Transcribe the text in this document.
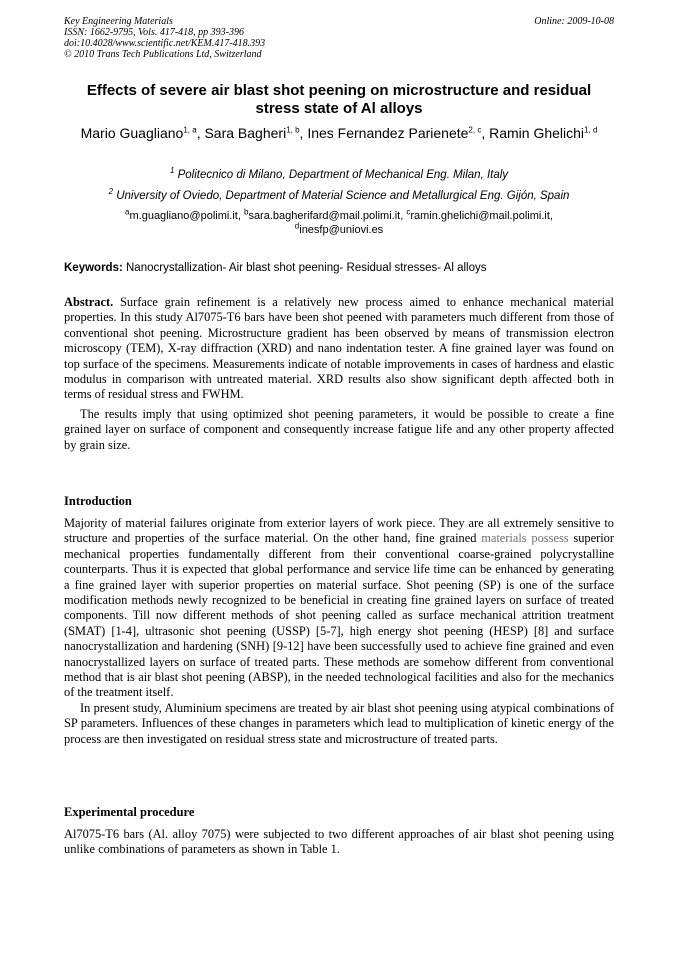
Key Engineering Materials
ISSN: 1662-9795, Vols. 417-418, pp 393-396
doi:10.4028/www.scientific.net/KEM.417-418.393
© 2010 Trans Tech Publications Ltd, Switzerland
Online: 2009-10-08
Effects of severe air blast shot peening on microstructure and residual stress state of Al alloys
Mario Guagliano$^{1, a}$, Sara Bagheri$^{1, b}$, Ines Fernandez Parienete$^{2, c}$, Ramin Ghelichi$^{1, d}$
$^1$ Politecnico di Milano, Department of Mechanical Eng. Milan, Italy
$^2$ University of Oviedo, Department of Material Science and Metallurgical Eng. Gijón, Spain
$^a$m.guagliano@polimi.it, $^b$sara.bagherifard@mail.polimi.it, $^c$ramin.ghelichi@mail.polimi.it,
$^d$inesfp@uniovi.es
Keywords: Nanocrystallization- Air blast shot peening- Residual stresses- Al alloys

Abstract. Surface grain refinement is a relatively new process aimed to enhance mechanical material properties. In this study Al7075-T6 bars have been shot peened with parameters much different from those of conventional shot peening. Microstructure gradient has been observed by means of transmission electron microscopy (TEM), X-ray diffraction (XRD) and nano indentation tester. A fine grained layer was found on top surface of the specimens. Measurements indicate of notable improvements in cases of hardness and elastic modulus in comparison with untreated material. XRD results also show significant depth affected both in terms of residual stress and FWHM.

The results imply that using optimized shot peening parameters, it would be possible to create a fine grained layer on surface of component and consequently increase fatigue life and any other property affected by grain size.

Introduction

Majority of material failures originate from exterior layers of work piece. They are all extremely sensitive to structure and properties of the surface material. On the other hand, fine grained materials possess superior mechanical properties fundamentally different from their conventional coarse-grained polycrystalline counterparts. Thus it is expected that global performance and service life time can be enhanced by generating a fine grained layer with superior properties on material surface. Shot peening (SP) is one of the surface modification methods newly recognized to be beneficial in creating fine grained layers on surface of treated components. Till now different methods of shot peening called as surface mechanical attrition treatment (SMAT) [1-4], ultrasonic shot peening (USSP) [5-7], high energy shot peening (HESP) [8] and surface nanocrystallization and hardening (SNH) [9-12] have been successfully used to achieve fine grained and even nanocrystallized layers on surface of treated parts. These methods are somehow different from conventional method that is air blast shot peening (ABSP), in the needed technological facilities and also for the mechanics of the treatment itself.

In present study, Aluminium specimens are treated by air blast shot peening using atypical combinations of SP parameters. Influences of these changes in parameters which lead to multiplication of kinetic energy of the process are then investigated on residual stress state and microstructure of treated parts.

Experimental procedure

Al7075-T6 bars (Al. alloy 7075) were subjected to two different approaches of air blast shot peening using unlike combinations of parameters as shown in Table 1.
